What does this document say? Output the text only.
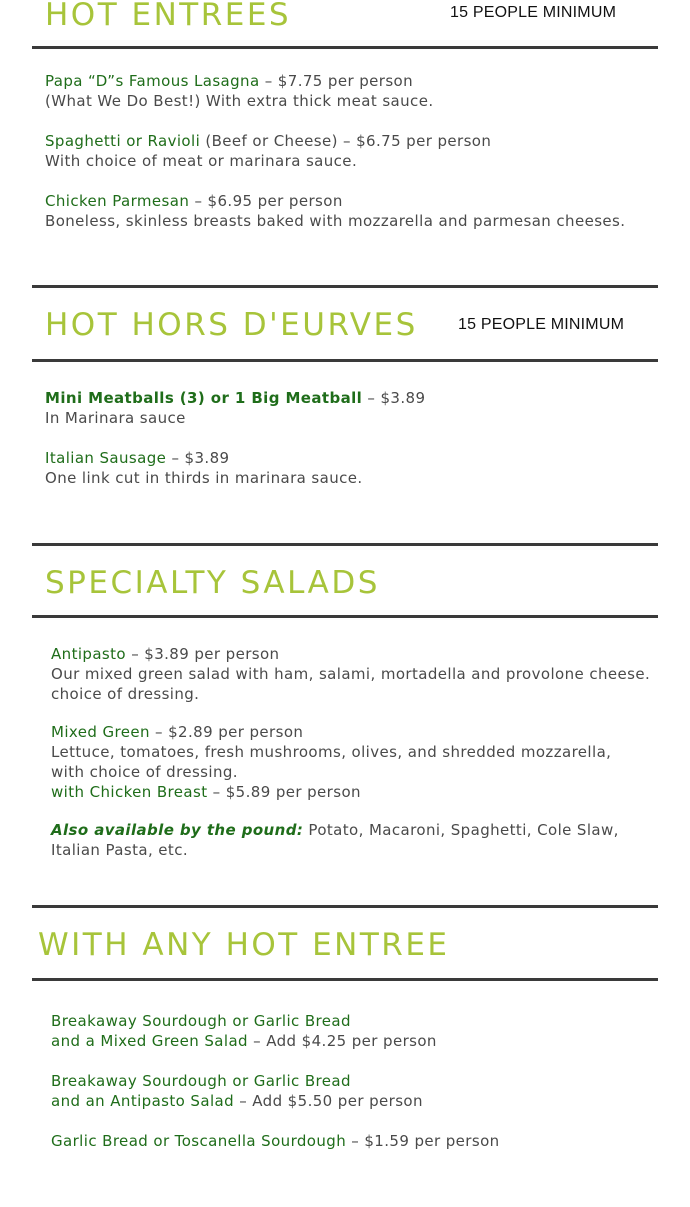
HOT ENTREES	15 PEOPLE MINIMUM
Papa “D”s Famous Lasagna – $7.75 per person
(What We Do Best!) With extra thick meat sauce.
Spaghetti or Ravioli (Beef or Cheese) – $6.75 per person
With choice of meat or marinara sauce.
Chicken Parmesan – $6.95 per person
Boneless, skinless breasts baked with mozzarella and parmesan cheeses.
HOT HORS D'EURVES	15 PEOPLE MINIMUM
Mini Meatballs (3) or 1 Big Meatball – $3.89
In Marinara sauce
Italian Sausage – $3.89
One link cut in thirds in marinara sauce.
SPECIALTY SALADS
Antipasto – $3.89 per person
Our mixed green salad with ham, salami, mortadella and provolone cheese. choice of dressing.
Mixed Green – $2.89 per person
Lettuce, tomatoes, fresh mushrooms, olives, and shredded mozzarella, with choice of dressing.
with Chicken Breast – $5.89 per person
Also available by the pound: Potato, Macaroni, Spaghetti, Cole Slaw, Italian Pasta, etc.
WITH ANY HOT ENTREE
Breakaway Sourdough or Garlic Bread
and a Mixed Green Salad – Add $4.25 per person
Breakaway Sourdough or Garlic Bread
and an Antipasto Salad – Add $5.50 per person
Garlic Bread or Toscanella Sourdough – $1.59 per person
